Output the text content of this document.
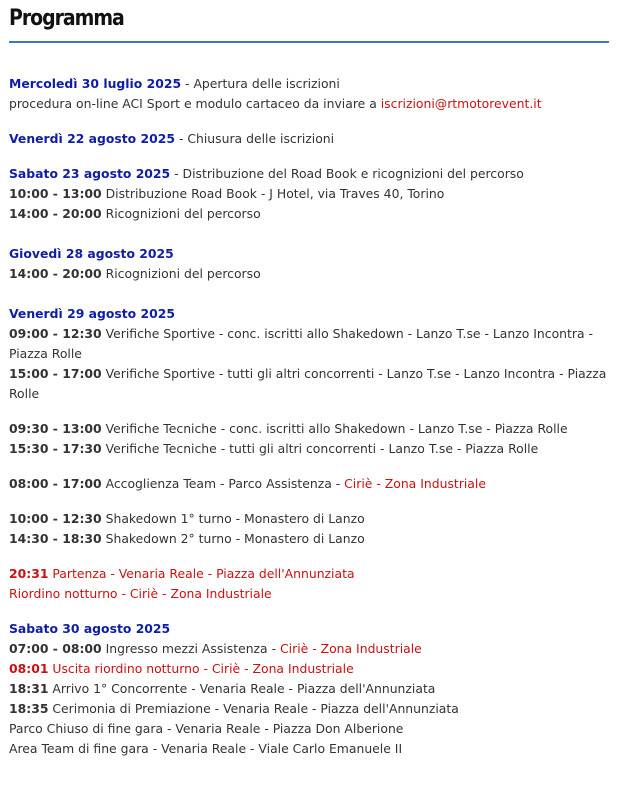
Programma
Mercoledì 30 luglio 2025 - Apertura delle iscrizioni
procedura on-line ACI Sport e modulo cartaceo da inviare a iscrizioni@rtmotorevent.it
Venerdì 22 agosto 2025 - Chiusura delle iscrizioni
Sabato 23 agosto 2025 - Distribuzione del Road Book e ricognizioni del percorso
10:00 - 13:00 Distribuzione Road Book - J Hotel, via Traves 40, Torino
14:00 - 20:00 Ricognizioni del percorso
Giovedì 28 agosto 2025
14:00 - 20:00 Ricognizioni del percorso
Venerdì 29 agosto 2025
09:00 - 12:30 Verifiche Sportive - conc. iscritti allo Shakedown - Lanzo T.se - Lanzo Incontra - Piazza Rolle
15:00 - 17:00 Verifiche Sportive - tutti gli altri concorrenti - Lanzo T.se - Lanzo Incontra - Piazza Rolle
09:30 - 13:00 Verifiche Tecniche - conc. iscritti allo Shakedown - Lanzo T.se - Piazza Rolle
15:30 - 17:30 Verifiche Tecniche - tutti gli altri concorrenti - Lanzo T.se - Piazza Rolle
08:00 - 17:00 Accoglienza Team - Parco Assistenza - Ciriè - Zona Industriale
10:00 - 12:30 Shakedown 1° turno - Monastero di Lanzo
14:30 - 18:30 Shakedown 2° turno - Monastero di Lanzo
20:31 Partenza - Venaria Reale - Piazza dell'Annunziata
Riordino notturno - Ciriè - Zona Industriale
Sabato 30 agosto 2025
07:00 - 08:00 Ingresso mezzi Assistenza - Ciriè - Zona Industriale
08:01 Uscita riordino notturno - Ciriè - Zona Industriale
18:31 Arrivo 1° Concorrente - Venaria Reale - Piazza dell'Annunziata
18:35 Cerimonia di Premiazione - Venaria Reale - Piazza dell'Annunziata
Parco Chiuso di fine gara - Venaria Reale - Piazza Don Alberione
Area Team di fine gara - Venaria Reale - Viale Carlo Emanuele II
